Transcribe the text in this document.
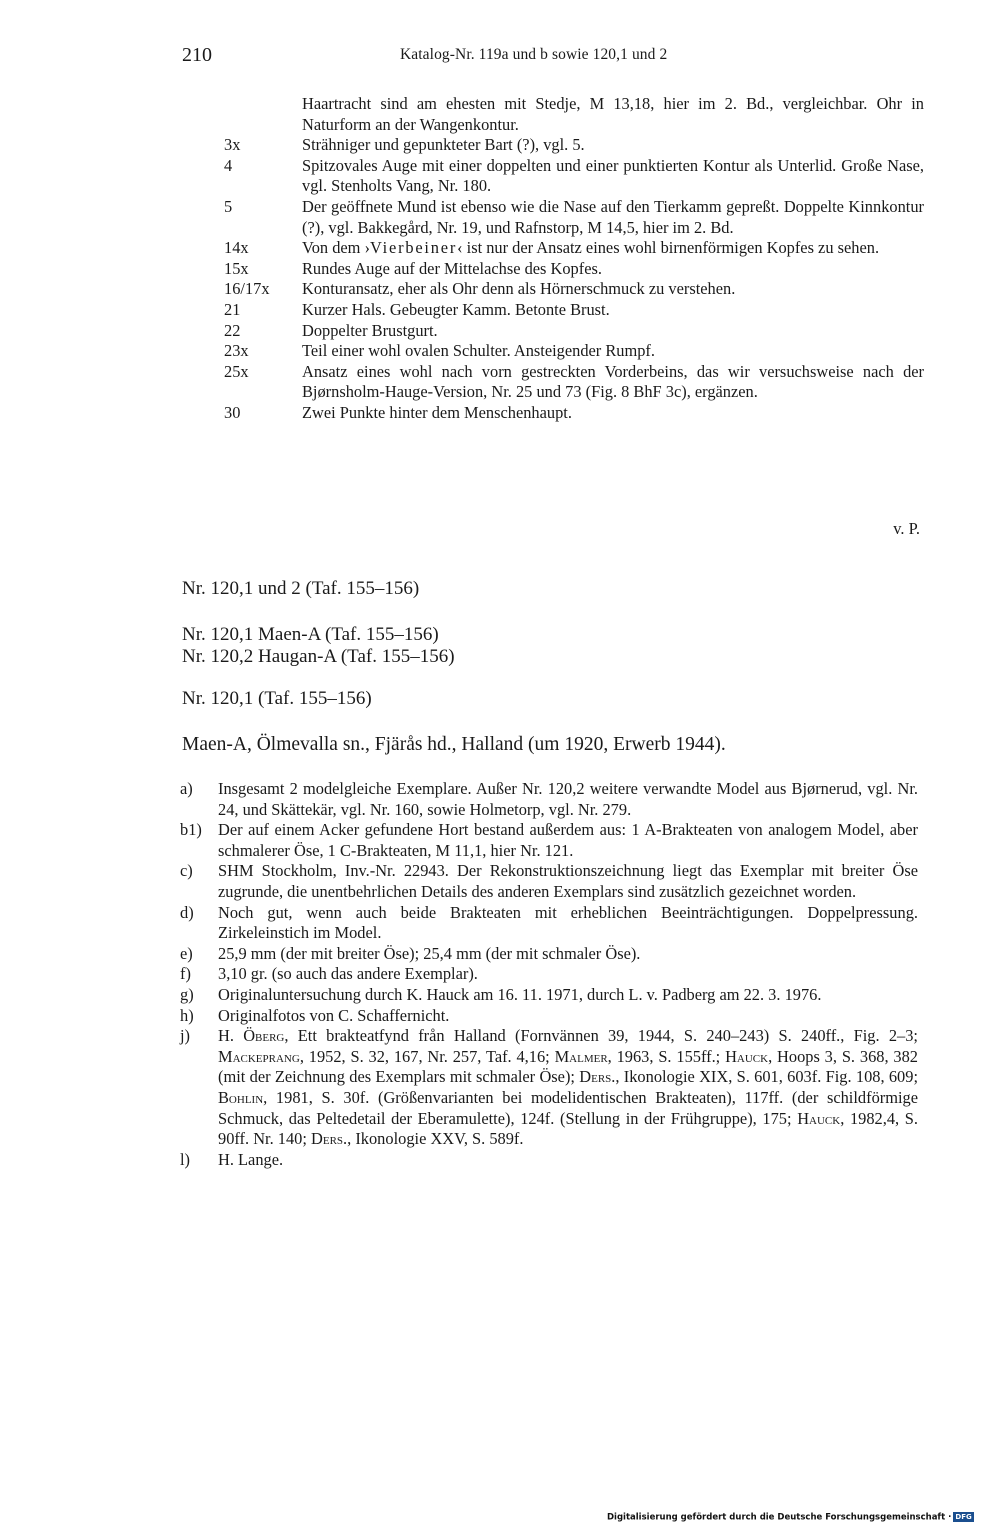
210	Katalog-Nr. 119a und b sowie 120,1 und 2
Haartracht sind am ehesten mit Stedje, M 13,18, hier im 2. Bd., vergleichbar. Ohr in Naturform an der Wangenkontur.
3x	Strähniger und gepunkteter Bart (?), vgl. 5.
4	Spitzovales Auge mit einer doppelten und einer punktierten Kontur als Unterlid. Große Nase, vgl. Stenholts Vang, Nr. 180.
5	Der geöffnete Mund ist ebenso wie die Nase auf den Tierkamm gepreßt. Doppelte Kinnkontur (?), vgl. Bakkegård, Nr. 19, und Rafnstorp, M 14,5, hier im 2. Bd.
14x	Von dem ›Vierbeiner‹ ist nur der Ansatz eines wohl birnenförmigen Kopfes zu sehen.
15x	Rundes Auge auf der Mittelachse des Kopfes.
16/17x	Konturansatz, eher als Ohr denn als Hörnerschmuck zu verstehen.
21	Kurzer Hals. Gebeugter Kamm. Betonte Brust.
22	Doppelter Brustgurt.
23x	Teil einer wohl ovalen Schulter. Ansteigender Rumpf.
25x	Ansatz eines wohl nach vorn gestreckten Vorderbeins, das wir versuchsweise nach der Bjørnsholm-Hauge-Version, Nr. 25 und 73 (Fig. 8 BhF 3c), ergänzen.
30	Zwei Punkte hinter dem Menschenhaupt.
v. P.
Nr. 120,1 und 2 (Taf. 155–156)
Nr. 120,1 Maen-A (Taf. 155–156)
Nr. 120,2 Haugan-A (Taf. 155–156)
Nr. 120,1 (Taf. 155–156)
Maen-A, Ölmevalla sn., Fjärås hd., Halland (um 1920, Erwerb 1944).
a)	Insgesamt 2 modelgleiche Exemplare. Außer Nr. 120,2 weitere verwandte Model aus Bjørnerud, vgl. Nr. 24, und Skättekär, vgl. Nr. 160, sowie Holmetorp, vgl. Nr. 279.
b1) Der auf einem Acker gefundene Hort bestand außerdem aus: 1 A-Brakteaten von analogem Model, aber schmalerer Öse, 1 C-Brakteaten, M 11,1, hier Nr. 121.
c)	SHM Stockholm, Inv.-Nr. 22943. Der Rekonstruktionszeichnung liegt das Exemplar mit breiter Öse zugrunde, die unentbehrlichen Details des anderen Exemplars sind zusätzlich gezeichnet worden.
d)	Noch gut, wenn auch beide Brakteaten mit erheblichen Beeinträchtigungen. Doppelpressung. Zirkeleinstich im Model.
e)	25,9 mm (der mit breiter Öse); 25,4 mm (der mit schmaler Öse).
f)	3,10 gr. (so auch das andere Exemplar).
g)	Originaluntersuchung durch K. Hauck am 16. 11. 1971, durch L. v. Padberg am 22. 3. 1976.
h)	Originalfotos von C. Schaffernicht.
j)	H. Öberg, Ett brakteatfynd från Halland (Fornvännen 39, 1944, S. 240–243) S. 240ff., Fig. 2–3; Mackeprang, 1952, S. 32, 167, Nr. 257, Taf. 4,16; Malmer, 1963, S. 155ff.; Hauck, Hoops 3, S. 368, 382 (mit der Zeichnung des Exemplars mit schmaler Öse); Ders., Ikonologie XIX, S. 601, 603f. Fig. 108, 609; Bohlin, 1981, S. 30f. (Größenvarianten bei modelidentischen Brakteaten), 117ff. (der schildförmige Schmuck, das Peltedetail der Eberamulette), 124f. (Stellung in der Frühgruppe), 175; Hauck, 1982,4, S. 90ff. Nr. 140; Ders., Ikonologie XXV, S. 589f.
l)	H. Lange.
Digitalisierung gefördert durch die Deutsche Forschungsgemeinschaft · DFG
